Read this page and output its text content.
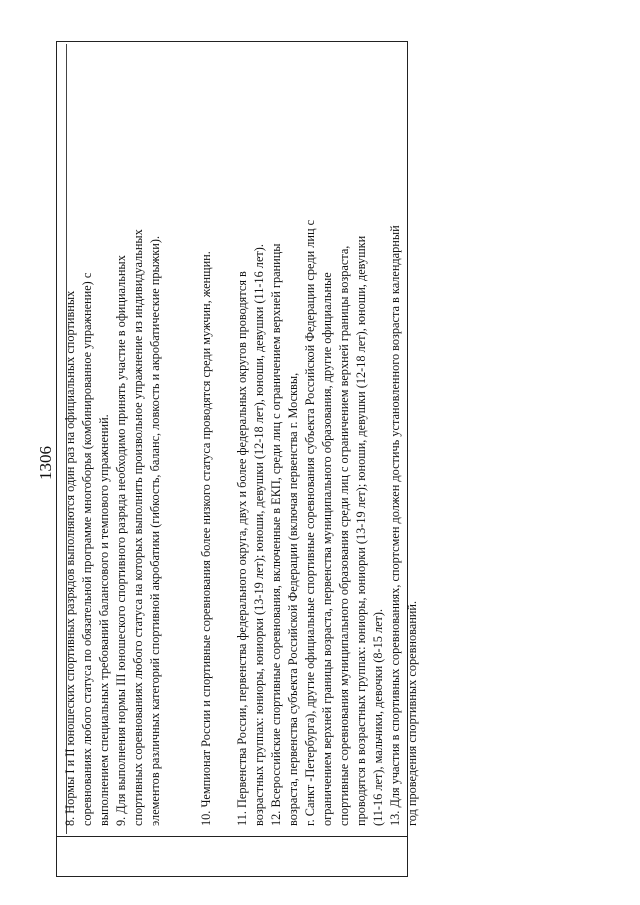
1306 8. Нормы I и II юношеских спортивных разрядов выполняются один раз на официальных спортивных соревнованиях любого статуса по обязательной программе многоборья (комбинированное упражнение) с выполнением специальных требований балансового и темпового упражнений. 9. Для выполнения нормы III юношеского спортивного разряда необходимо принять участие в официальных спортивных соревнованиях любого статуса на которых выполнить произвольное упражнение из индивидуальных элементов различных категорий спортивной акробатики (гибкость, баланс, ловкость и акробатические прыжки).	10. Чемпионат России и спортивные соревнования более низкого статуса проводятся среди мужчин, женщин. 11. Первенства России, первенства федерального округа, двух и более федеральных округов проводятся в возрастных группах: юниоры, юниорки (13-19 лет); юноши, девушки (12-18 лет), юноши, девушки (11-16 лет). 12. Всероссийские спортивные соревнования, включенные в ЕКП, среди лиц с ограничением верхней границы возраста, первенства субъекта Российской Федерации (включая первенства г. Москвы, г. Санкт -Петербурга), другие официальные спортивные соревнования субъекта Российской Федерации среди лиц с ограничением верхней границы возраста, первенства муниципального образования, другие официальные спортивные соревнования муниципального образования среди лиц с ограничением верхней границы возраста, проводятся в возрастных группах: юниоры, юниорки (13-19 лет); юноши, девушки (12-18 лет), юноши, девушки (11-16 лет), мальчики, девочки (8-15 лет). 13. Для участия в спортивных соревнованиях, спортсмен должен достичь установленного возраста в календарный год проведения спортивных соревнований.
